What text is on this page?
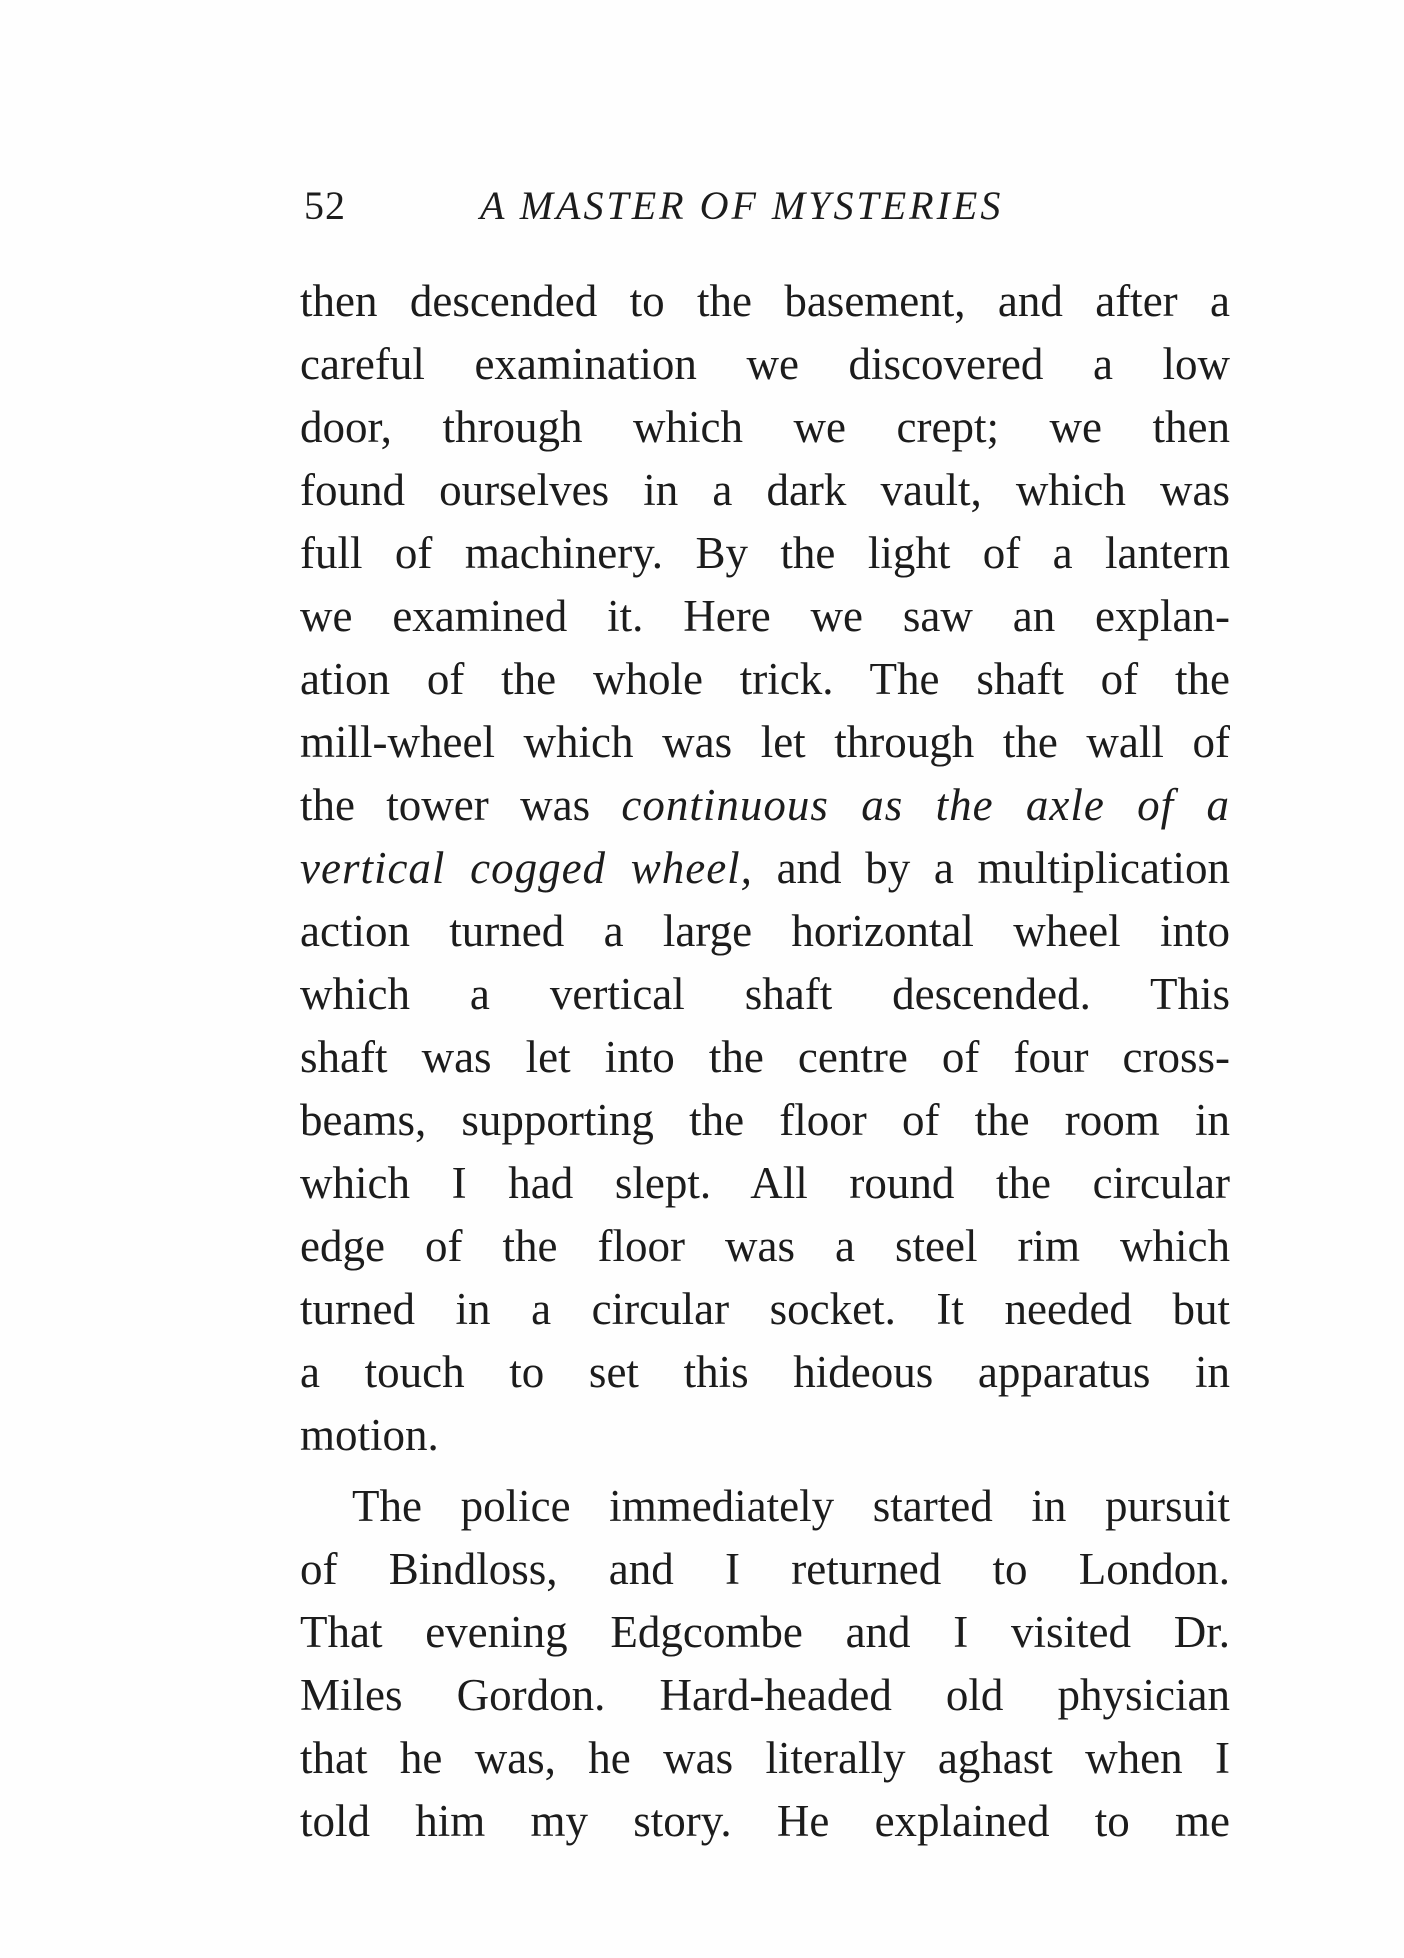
52	A MASTER OF MYSTERIES
then descended to the basement, and after a
careful examination we discovered a low
door, through which we crept; we then
found ourselves in a dark vault, which was
full of machinery. By the light of a lantern
we examined it. Here we saw an explan-
ation of the whole trick. The shaft of the
mill-wheel which was let through the wall of
the tower was continuous as the axle of a
vertical cogged wheel, and by a multiplication
action turned a large horizontal wheel into
which a vertical shaft descended. This
shaft was let into the centre of four cross-
beams, supporting the floor of the room in
which I had slept. All round the circular
edge of the floor was a steel rim which
turned in a circular socket. It needed but
a touch to set this hideous apparatus in
motion.
The police immediately started in pursuit
of Bindloss, and I returned to London.
That evening Edgcombe and I visited Dr.
Miles Gordon. Hard-headed old physician
that he was, he was literally aghast when I
told him my story. He explained to me
